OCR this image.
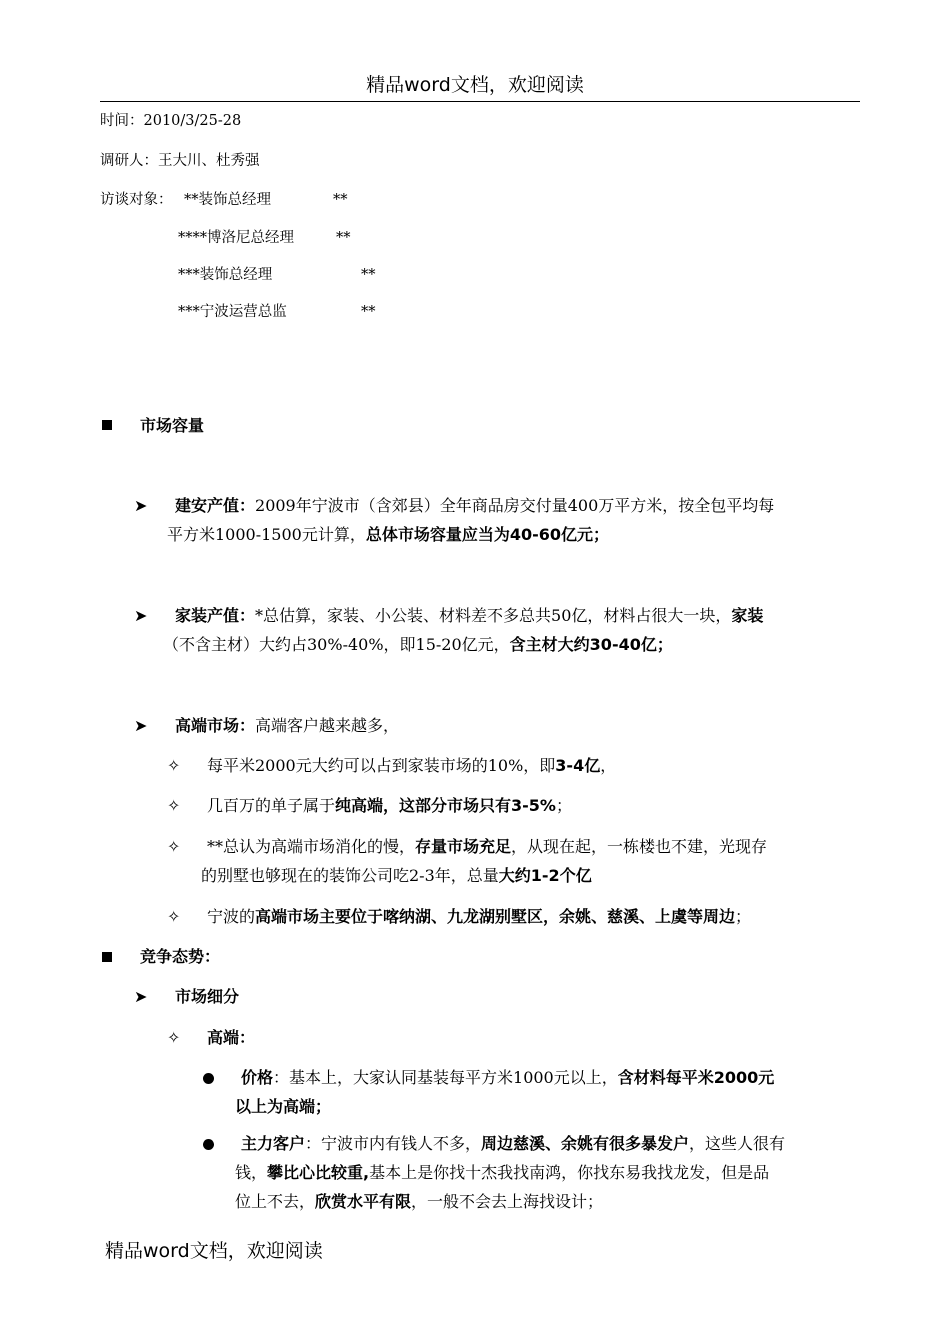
精品word文档，欢迎阅读
时间：2010/3/25-28
调研人：王大川、杜秀强
访谈对象： **装饰总经理	**
****博洛尼总经理	**
***装饰总经理	**
***宁波运营总监	**
市场容量
➤ 建安产值：2009年宁波市（含郊县）全年商品房交付量400万平方米，按全包平均每
平方米1000-1500元计算，总体市场容量应当为40-60亿元；
➤ 家装产值：*总估算，家装、小公装、材料差不多总共50亿，材料占很大一块，家装
（不含主材）大约占30%-40%，即15-20亿元，含主材大约30-40亿；
➤ 高端市场：高端客户越来越多，
✧ 每平米2000元大约可以占到家装市场的10%，即3-4亿，
✧ 几百万的单子属于纯高端，这部分市场只有3-5%；
✧ **总认为高端市场消化的慢，存量市场充足，从现在起，一栋楼也不建，光现存
的别墅也够现在的装饰公司吃2-3年，总量大约1-2个亿
✧ 宁波的高端市场主要位于喀纳湖、九龙湖别墅区，余姚、慈溪、上虞等周边；
竞争态势：
➤ 市场细分
✧ 高端：
价格：基本上，大家认同基装每平方米1000元以上，含材料每平米2000元
以上为高端；
主力客户：宁波市内有钱人不多，周边慈溪、余姚有很多暴发户，这些人很有
钱，攀比心比较重,基本上是你找十杰我找南鸿，你找东易我找龙发，但是品
位上不去，欣赏水平有限，一般不会去上海找设计；
精品word文档，欢迎阅读
